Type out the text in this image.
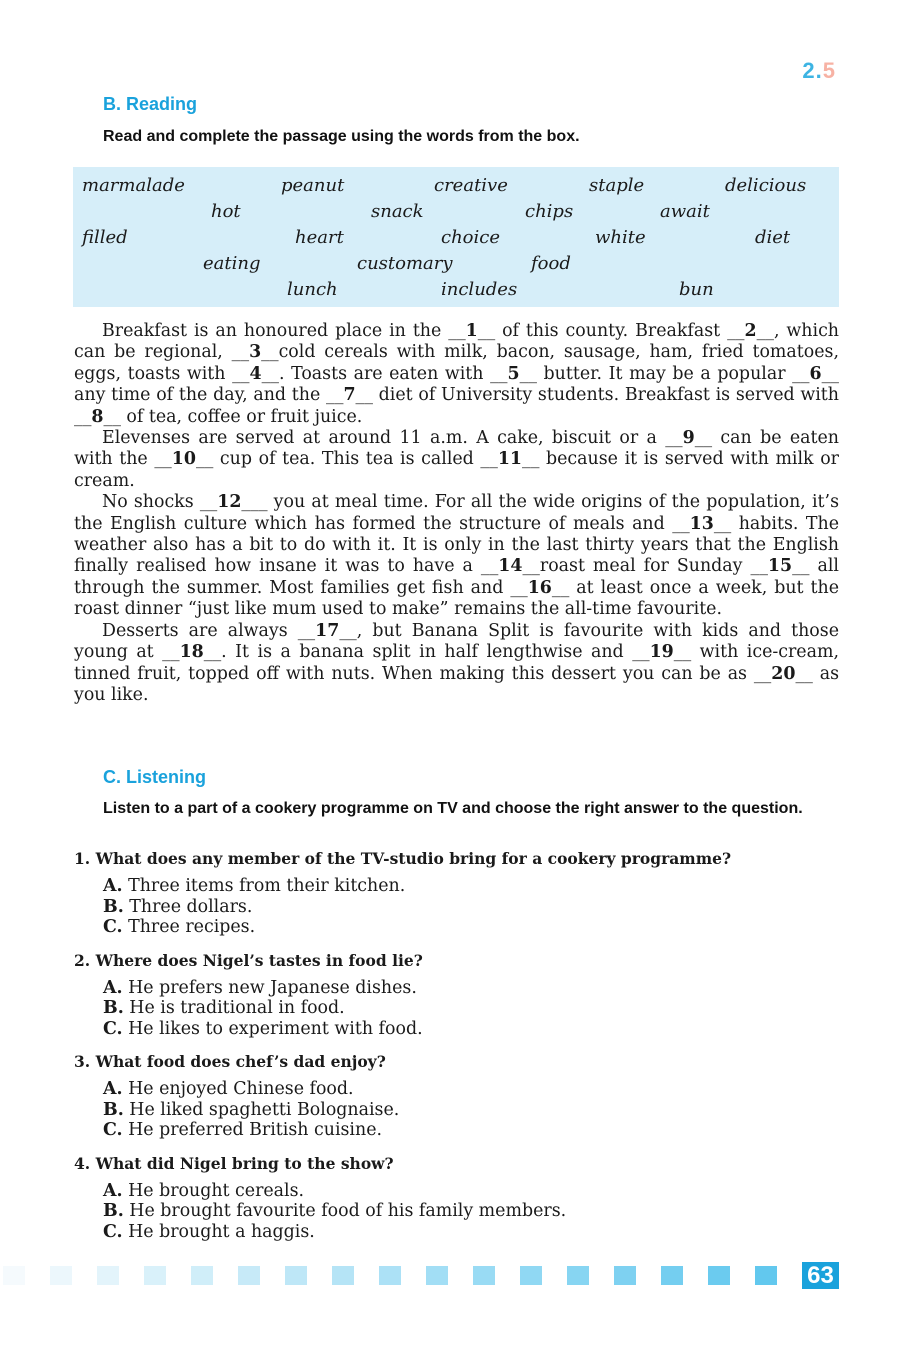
2.5
B. Reading

Read and complete the passage using the words from the box.

marmalade	peanut	creative	staple	delicious
hot	snack	chips	await
filled	heart	choice	white	diet
eating	customary	food
lunch	includes	bun

Breakfast is an honoured place in the __1__ of this county. Breakfast __2__, which can be regional, __3__cold cereals with milk, bacon, sausage, ham, fried tomatoes, eggs, toasts with __4__. Toasts are eaten with __5__ butter. It may be a popular __6__ any time of the day, and the __7__ diet of University students. Breakfast is served with __8__ of tea, coffee or fruit juice.

Elevenses are served at around 11 a.m. A cake, biscuit or a __9__ can be eaten with the __10__ cup of tea. This tea is called __11__ because it is served with milk or cream.

No shocks __12___ you at meal time. For all the wide origins of the population, it’s the English culture which has formed the structure of meals and __13__ habits. The weather also has a bit to do with it. It is only in the last thirty years that the English finally realised how insane it was to have a __14__roast meal for Sunday __15__ all through the summer. Most families get fish and __16__ at least once a week, but the roast dinner “just like mum used to make” remains the all-time favourite.

Desserts are always __17__, but Banana Split is favourite with kids and those young at __18__. It is a banana split in half lengthwise and __19__ with ice-cream, tinned fruit, topped off with nuts. When making this dessert you can be as __20__ as you like.

C. Listening

Listen to a part of a cookery programme on TV and choose the right answer to the question.

1. What does any member of the TV-studio bring for a cookery programme?

A. Three items from their kitchen.

B. Three dollars.

C. Three recipes.

2. Where does Nigel’s tastes in food lie?

A. He prefers new Japanese dishes.

B. He is traditional in food.

C. He likes to experiment with food.

3. What food does chef’s dad enjoy?

A. He enjoyed Chinese food.

B. He liked spaghetti Bolognaise.

C. He preferred British cuisine.

4. What did Nigel bring to the show?

A. He brought cereals.

B. He brought favourite food of his family members.

C. He brought a haggis.

63
